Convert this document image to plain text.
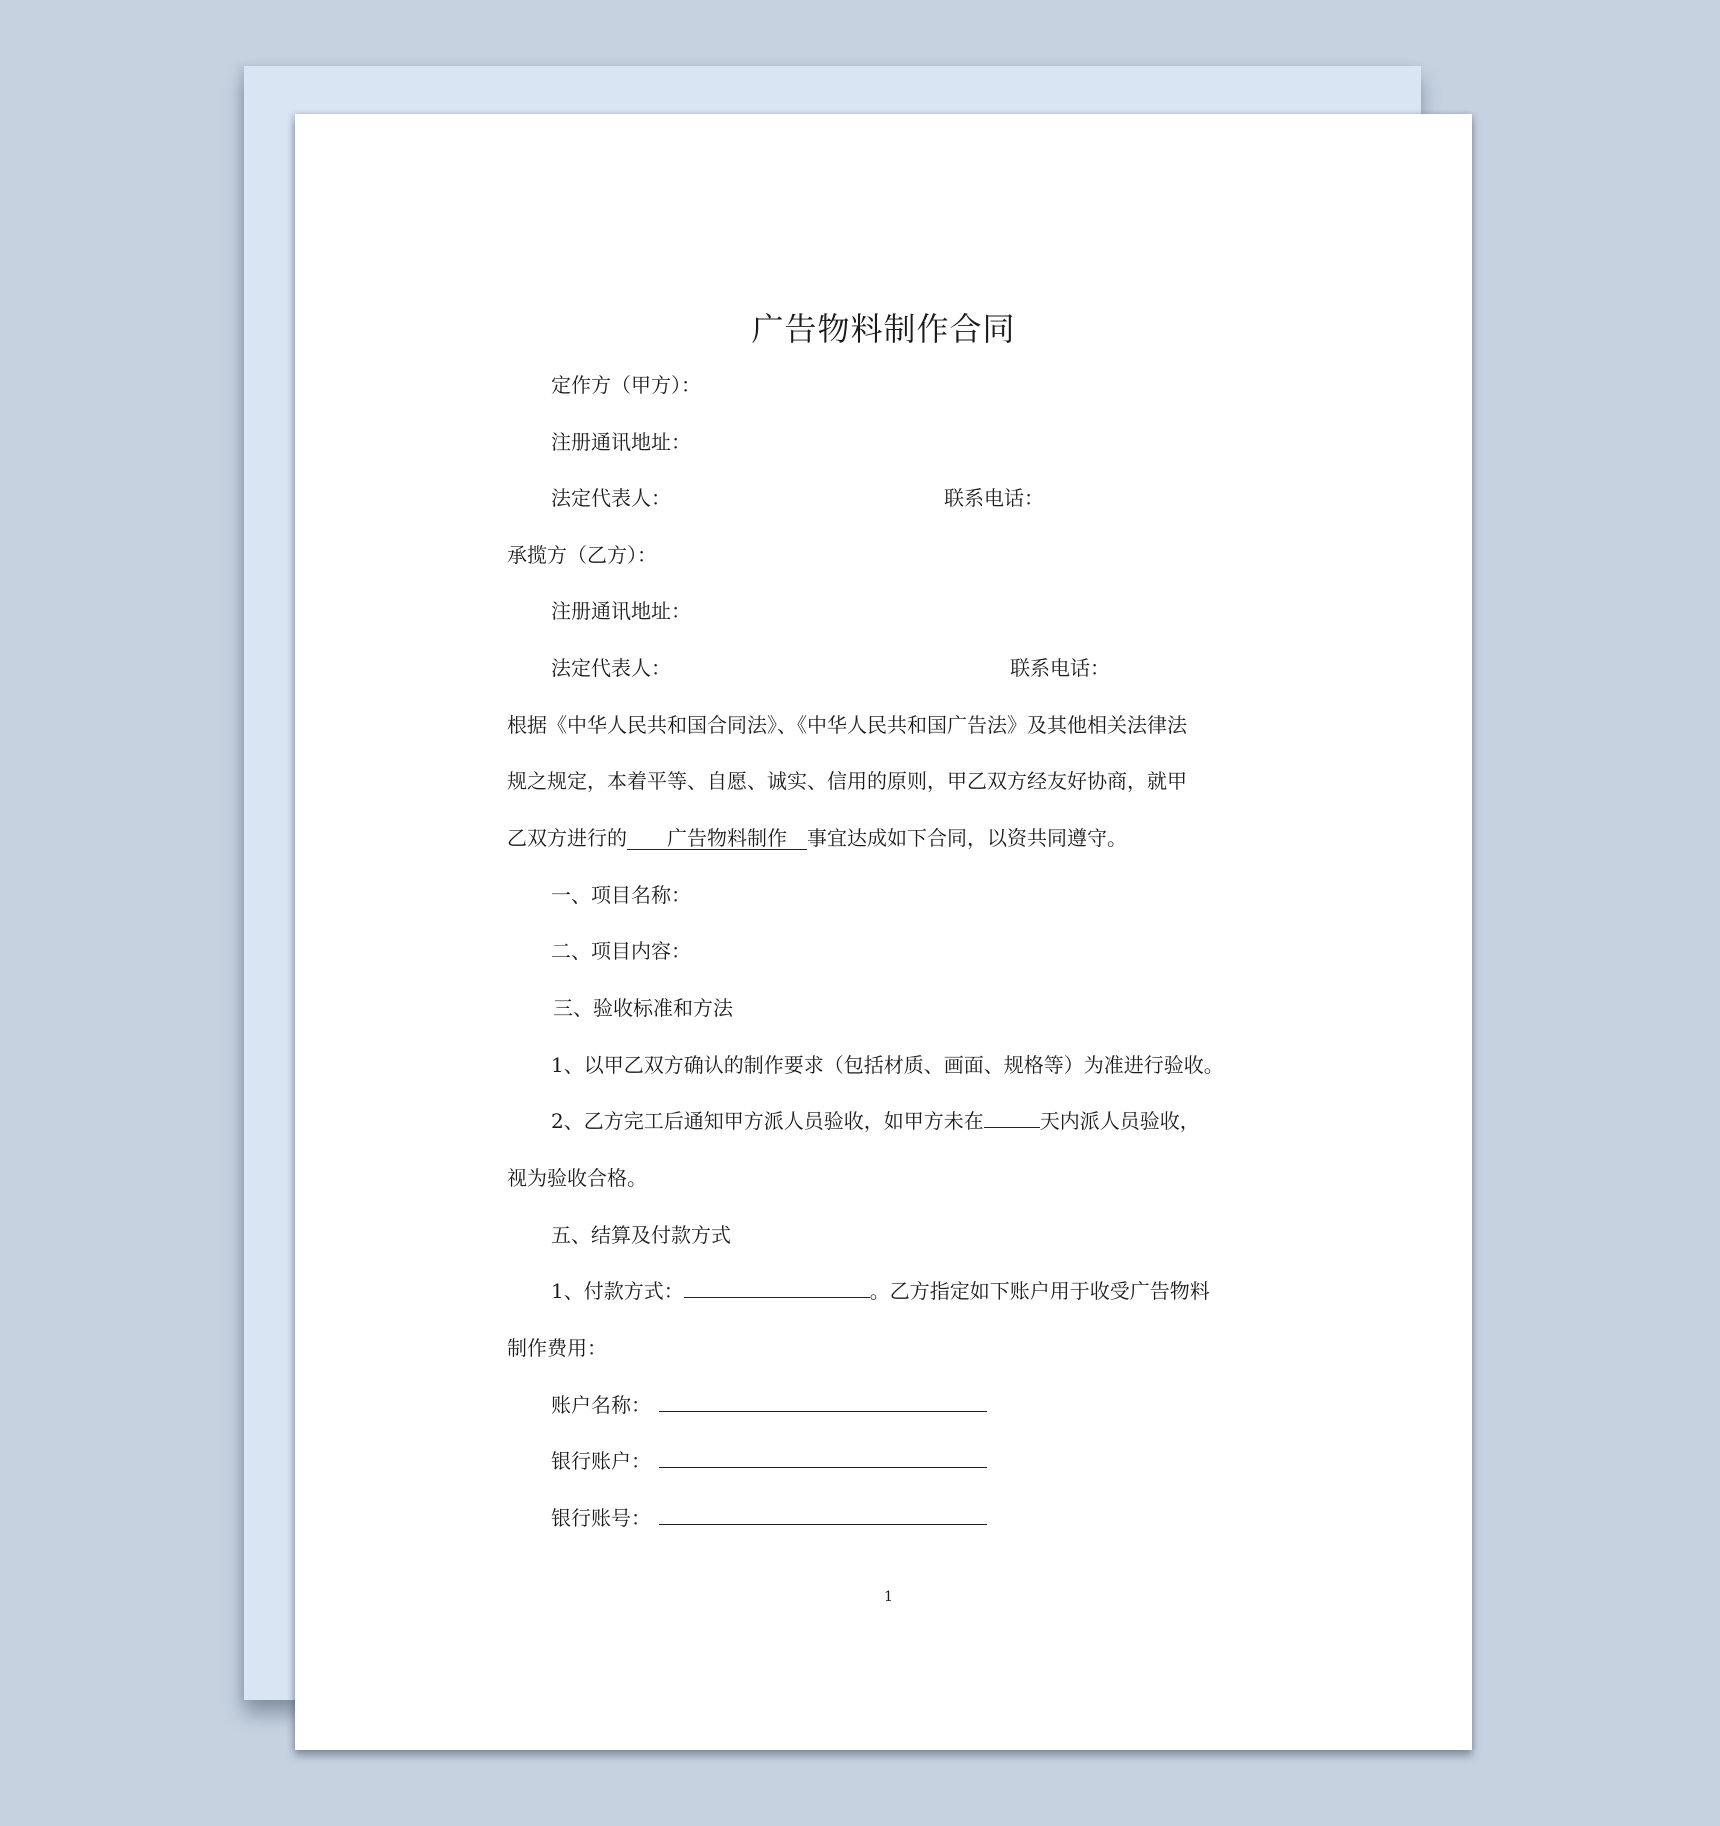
广告物料制作合同
定作方（甲方）：
注册通讯地址：
法定代表人：	联系电话：
承揽方（乙方）：
注册通讯地址：
法定代表人：	联系电话：
根据《中华人民共和国合同法》、《中华人民共和国广告法》及其他相关法律法
规之规定，本着平等、自愿、诚实、信用的原则，甲乙双方经友好协商，就甲
乙双方进行的　　广告物料制作　事宜达成如下合同，以资共同遵守。
一、项目名称：
二、项目内容：
三、验收标准和方法
1、以甲乙双方确认的制作要求（包括材质、画面、规格等）为准进行验收。
2、乙方完工后通知甲方派人员验收，如甲方未在	天内派人员验收，
视为验收合格。
五、结算及付款方式
1、付款方式：	。乙方指定如下账户用于收受广告物料
制作费用：
账户名称：
银行账户：
银行账号：
1
